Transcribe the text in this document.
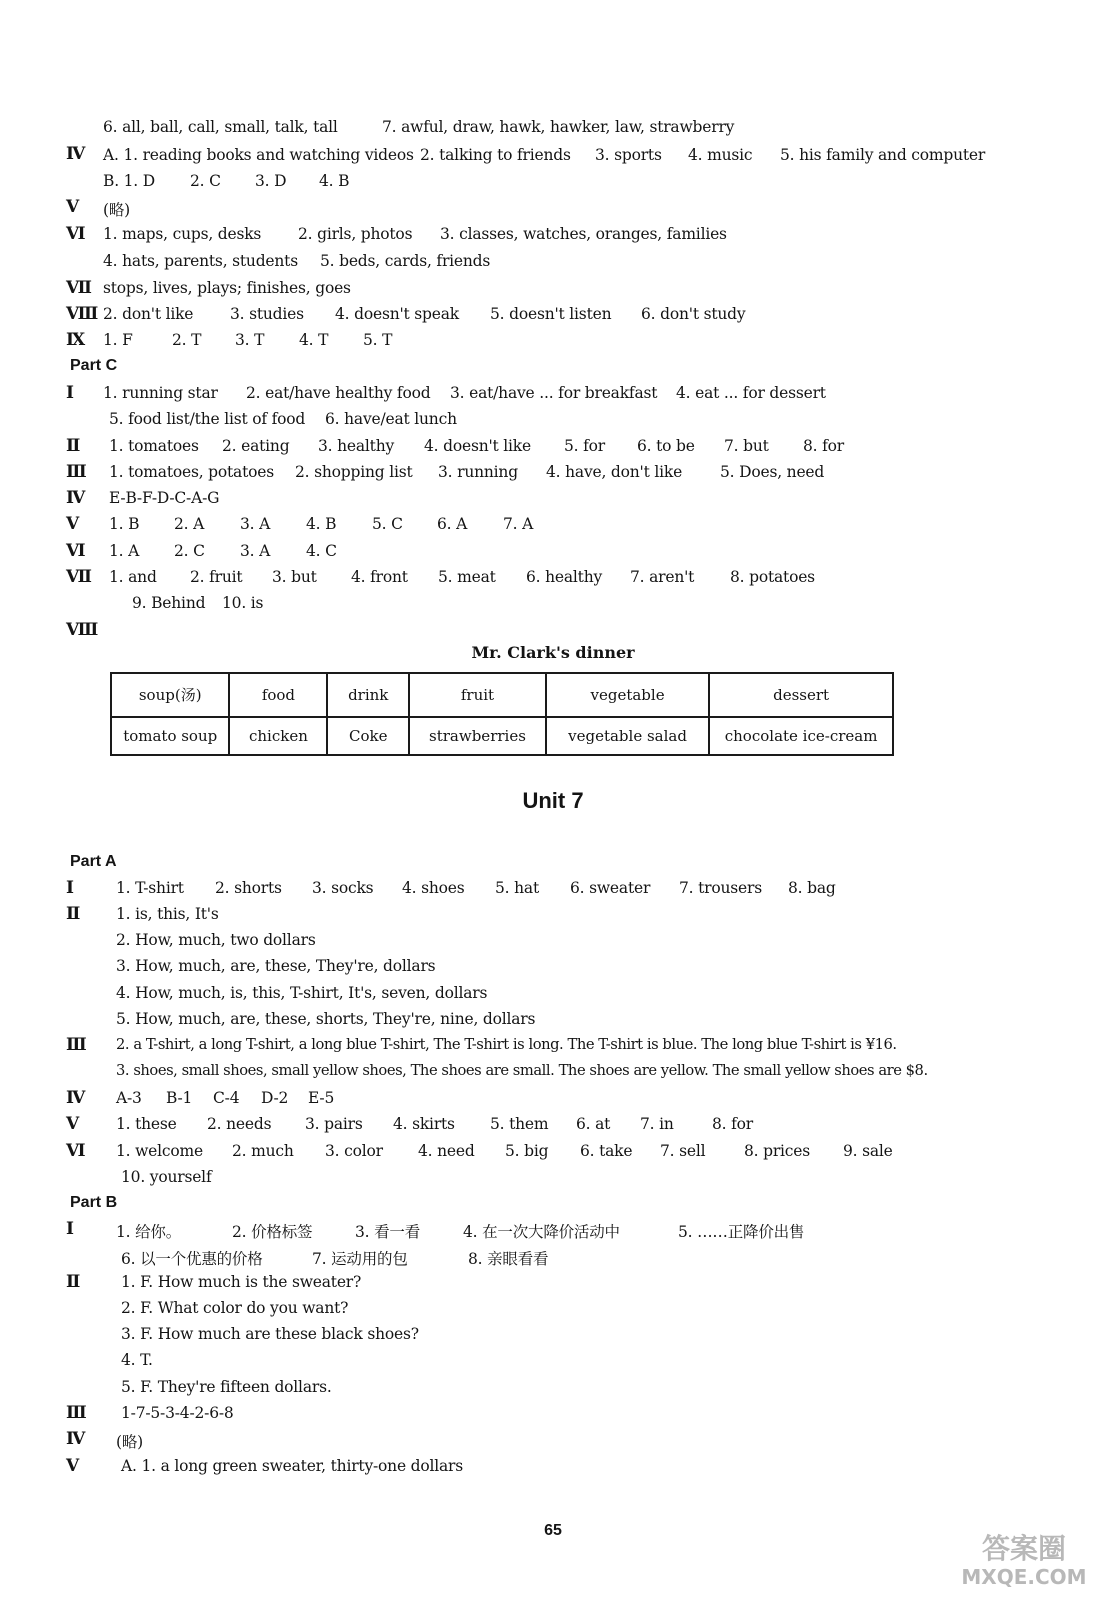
6. all, ball, call, small, talk, tall	7. awful, draw, hawk, hawker, law, strawberry
Ⅳ	A. 1. reading books and watching videos 2. talking to friends 3. sports 4. music 5. his family and computer
B. 1. D 2. C 3. D 4. B
Ⅴ	(略)
Ⅵ	1. maps, cups, desks 2. girls, photos 3. classes, watches, oranges, families
4. hats, parents, students 5. beds, cards, friends
Ⅶ stops, lives, plays; finishes, goes
Ⅷ 2. don't like 3. studies 4. doesn't speak 5. doesn't listen 6. don't study
Ⅸ	1. F	2. T 3. T 4. T 5. T
Part C
Ⅰ	1. running star 2. eat/have healthy food 3. eat/have ... for breakfast 4. eat ... for dessert
5. food list/the list of food 6. have/eat lunch
Ⅱ	1. tomatoes 2. eating 3. healthy 4. doesn't like 5. for 6. to be 7. but 8. for
Ⅲ	1. tomatoes, potatoes 2. shopping list 3. running 4. have, don't like 5. Does, need
Ⅳ	E-B-F-D-C-A-G
Ⅴ	1. B 2. A 3. A 4. B 5. C 6. A 7. A
Ⅵ	1. A 2. C 3. A 4. C
Ⅶ	1. and 2. fruit 3. but 4. front 5. meat 6. healthy 7. aren't 8. potatoes
9. Behind 10. is
Ⅷ
Mr. Clark's dinner
soup(汤)	food	drink	fruit	vegetable	dessert
tomato soup	chicken	Coke	strawberries	vegetable salad	chocolate ice-cream
Unit 7
Part A
Ⅰ	1. T-shirt 2. shorts 3. socks 4. shoes 5. hat 6. sweater 7. trousers 8. bag
Ⅱ	1. is, this, It's
2. How, much, two dollars
3. How, much, are, these, They're, dollars
4. How, much, is, this, T-shirt, It's, seven, dollars
5. How, much, are, these, shorts, They're, nine, dollars
Ⅲ	2. a T-shirt, a long T-shirt, a long blue T-shirt, The T-shirt is long. The T-shirt is blue. The long blue T-shirt is ¥16.
3. shoes, small shoes, small yellow shoes, The shoes are small. The shoes are yellow. The small yellow shoes are $8.
Ⅳ	A-3 B-1 C-4 D-2 E-5
Ⅴ	1. these 2. needs 3. pairs 4. skirts 5. them 6. at 7. in 8. for
Ⅵ	1. welcome 2. much 3. color 4. need 5. big 6. take 7. sell 8. prices 9. sale
10. yourself
Part B
Ⅰ	1. 给你。	2. 价格标签	3. 看一看	4. 在一次大降价活动中	5. ……正降价出售
6. 以一个优惠的价格	7. 运动用的包	8. 亲眼看看
Ⅱ	1. F. How much is the sweater?
2. F. What color do you want?
3. F. How much are these black shoes?
4. T.
5. F. They're fifteen dollars.
Ⅲ	1-7-5-3-4-2-6-8
Ⅳ	(略)
Ⅴ	A. 1. a long green sweater, thirty-one dollars
65
答案圈
MXQE.COM
